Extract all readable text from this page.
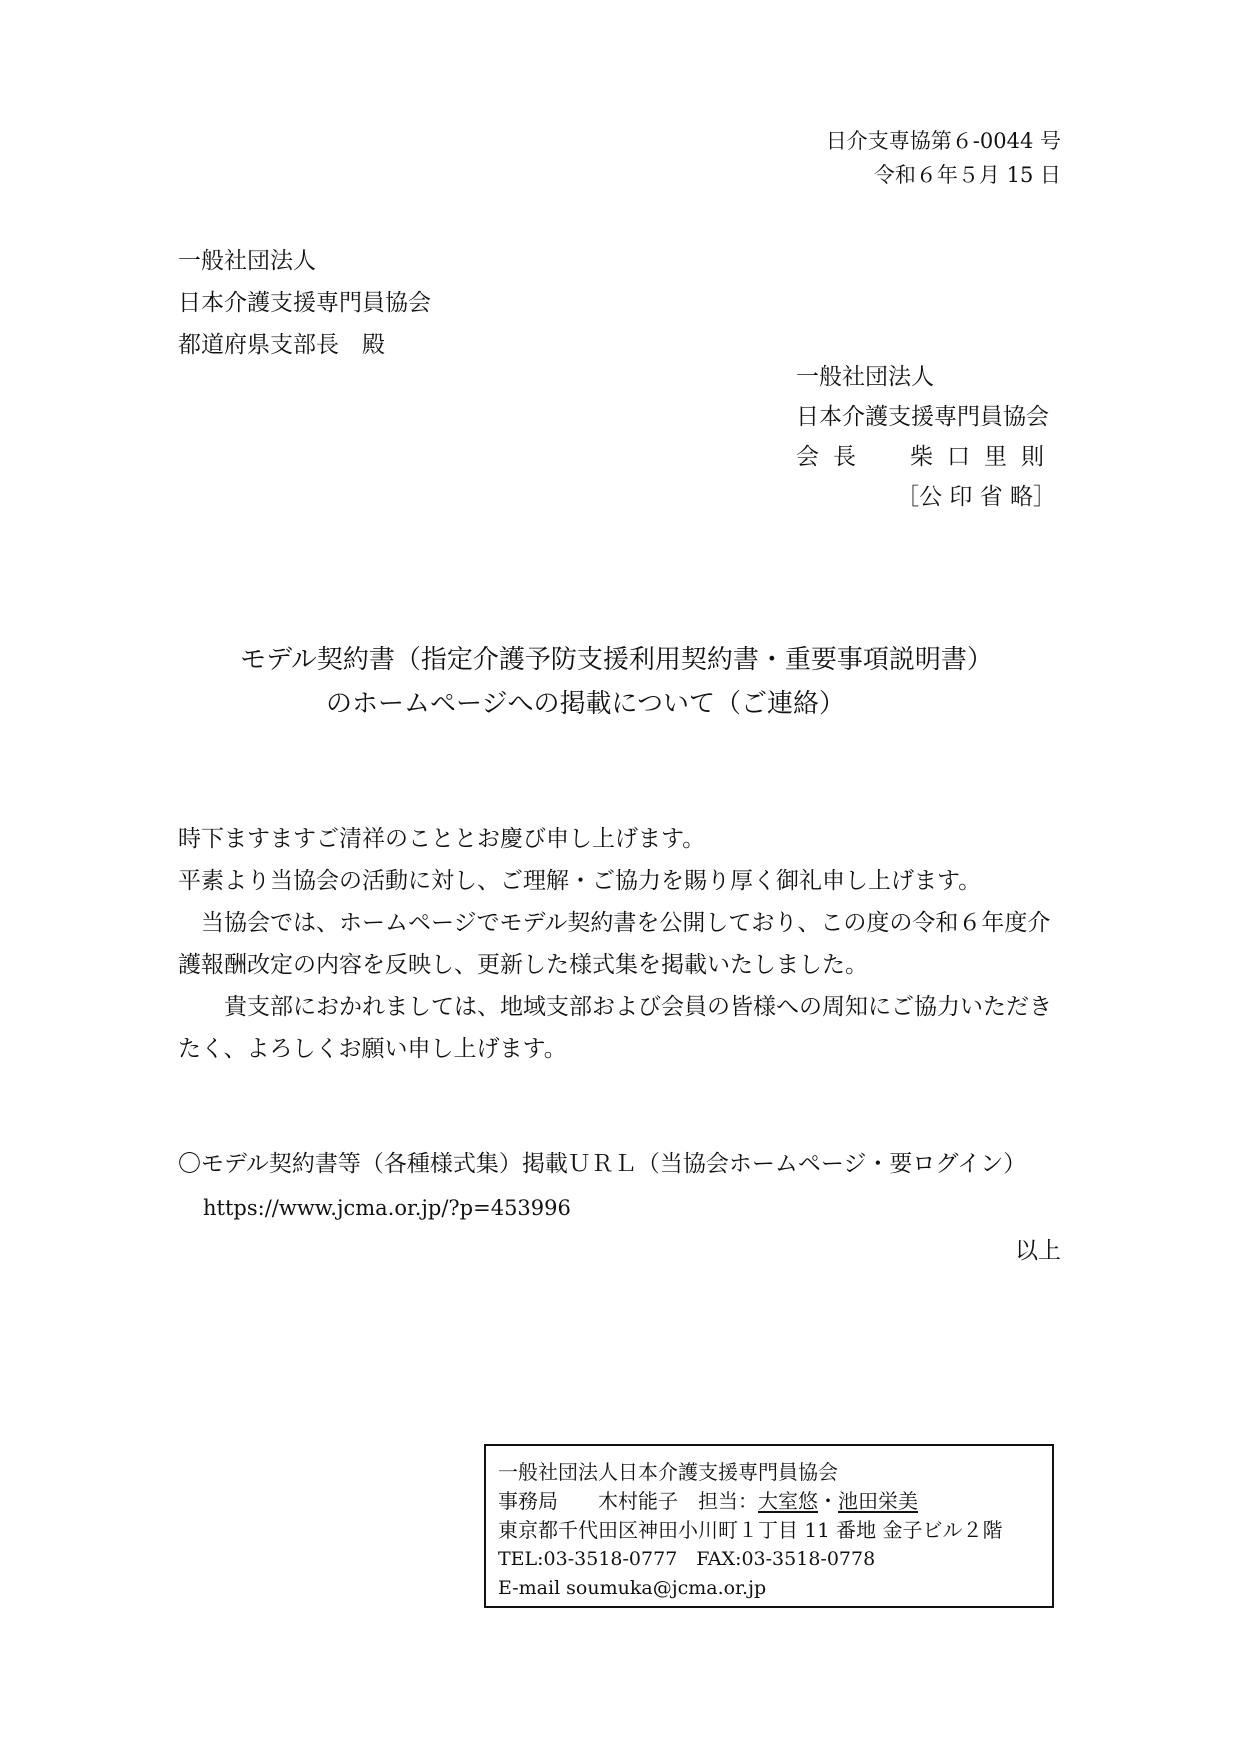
日介支専協第６-0044 号
令和６年５月 15 日
一般社団法人
日本介護支援専門員協会
都道府県支部長　殿
一般社団法人
日本介護支援専門員協会
会長 柴口里則
［公 印 省 略］
モデル契約書（指定介護予防支援利用契約書・重要事項説明書）
のホームページへの掲載について（ご連絡）

時下ますますご清祥のこととお慶び申し上げます。

平素より当協会の活動に対し、ご理解・ご協力を賜り厚く御礼申し上げます。

当協会では、ホームページでモデル契約書を公開しており、この度の令和６年度介護報酬改定の内容を反映し、更新した様式集を掲載いたしました。

貴支部におかれましては、地域支部および会員の皆様への周知にご協力いただきたく、よろしくお願い申し上げます。

〇モデル契約書等（各種様式集）掲載ＵＲＬ（当協会ホームページ・要ログイン）
https://www.jcma.or.jp/?p=453996
以上
一般社団法人日本介護支援専門員協会
事務局　　木村能子　担当：大室悠・池田栄美
東京都千代田区神田小川町１丁目 11 番地 金子ビル２階
TEL:03-3518-0777　FAX:03-3518-0778
E-mail soumuka@jcma.or.jp
